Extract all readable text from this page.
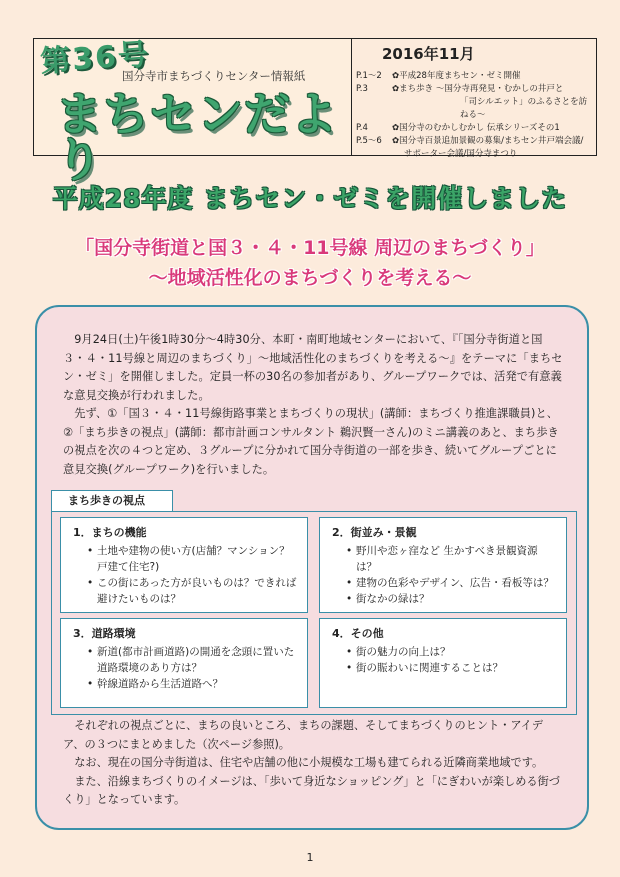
第36号
国分寺市まちづくりセンター情報紙
まちセンだより
2016年11月
P.1～2	✿平成28年度まちセン・ゼミ開催
P.3	✿まち歩き ～国分寺再発見・むかしの井戸と
「司シルエット」のふるさとを訪ねる～
P.4	✿国分寺のむかしむかし 伝承シリーズその1
P.5～6	✿国分寺百景追加景観の募集/まちセン井戸端会議/
サポーター会議/国分寺まつり
平成28年度 まちセン・ゼミを開催しました
「国分寺街道と国３・４・11号線 周辺のまちづくり」
～地域活性化のまちづくりを考える～

9月24日(土)午後1時30分～4時30分、本町・南町地域センターにおいて、『「国分寺街道と国３・４・11号線と周辺のまちづくり」～地域活性化のまちづくりを考える～』をテーマに「まちセン・ゼミ」を開催しました。定員一杯の30名の参加者があり、グループワークでは、活発で有意義な意見交換が行われました。

先ず、①「国３・４・11号線街路事業とまちづくりの現状」(講師：まちづくり推進課職員)と、②「まち歩きの視点」(講師：都市計画コンサルタント 鵜沢賢一さん)のミニ講義のあと、まち歩きの視点を次の４つと定め、３グループに分かれて国分寺街道の一部を歩き、続いてグループごとに意見交換(グループワーク)を行いました。

まち歩きの視点
1．まちの機能
• 土地や建物の使い方(店舗？マンション？戸建て住宅?)
• この街にあった方が良いものは？できれば避けたいものは？
2．街並み・景観
• 野川や恋ヶ窪など 生かすべき景観資源は？
• 建物の色彩やデザイン、広告・看板等は？
• 街なかの緑は？
3．道路環境
• 新道(都市計画道路)の開通を念頭に置いた道路環境のあり方は？
• 幹線道路から生活道路へ？
4．その他
• 街の魅力の向上は？
• 街の賑わいに関連することは？

それぞれの視点ごとに、まちの良いところ、まちの課題、そしてまちづくりのヒント・アイデア、の３つにまとめました（次ページ参照)。

なお、現在の国分寺街道は、住宅や店舗の他に小規模な工場も建てられる近隣商業地域です。

また、沿線まちづくりのイメージは、「歩いて身近なショッピング」と「にぎわいが楽しめる街づくり」となっています。

1
